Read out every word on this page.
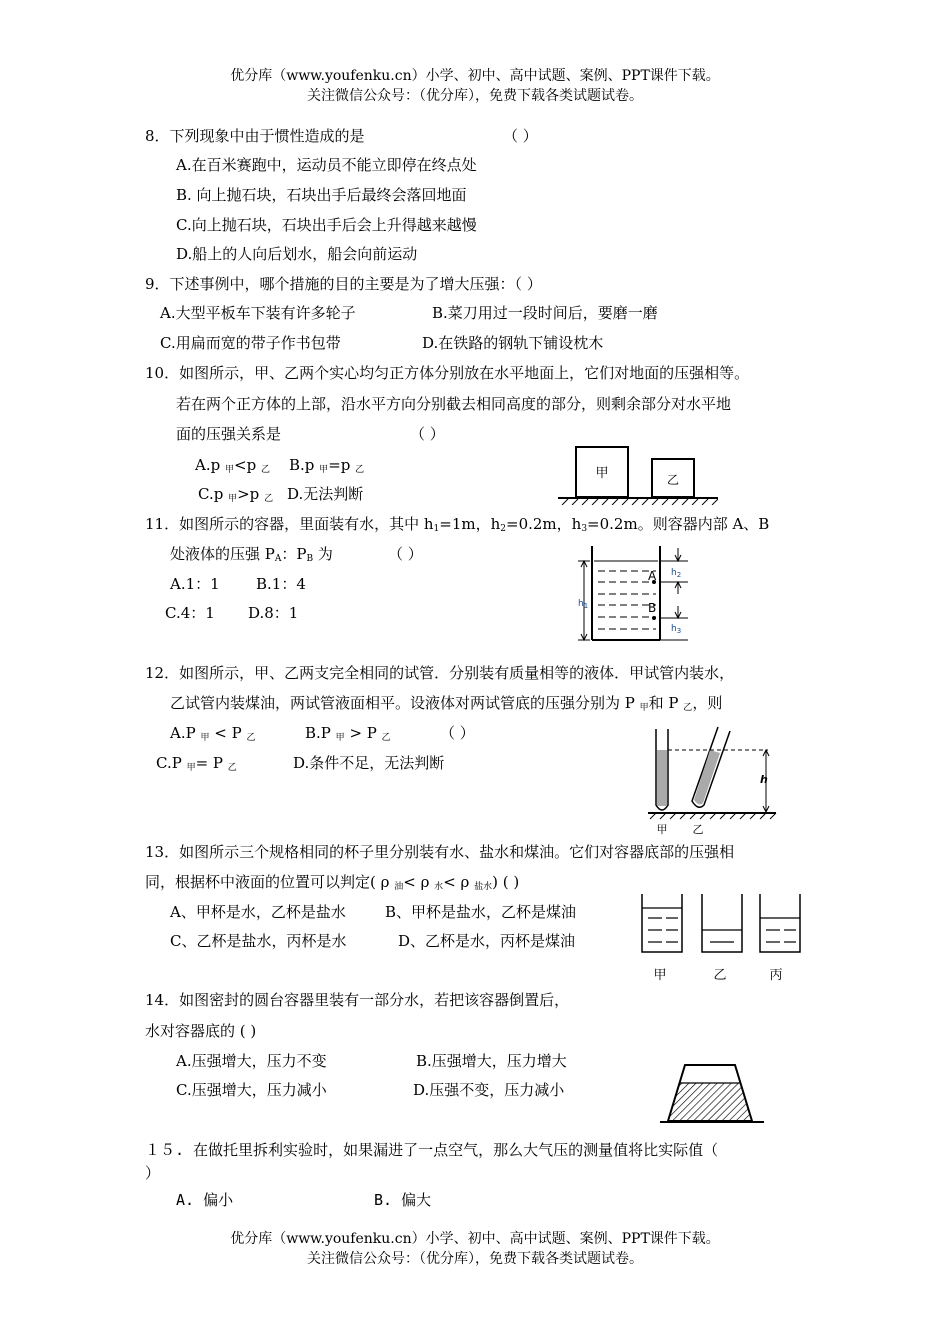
优分库（www.youfenku.cn）小学、初中、高中试题、案例、PPT课件下载。
关注微信公众号：（优分库），免费下载各类试题试卷。
8．下列现象中由于惯性造成的是	（ ）
A.在百米赛跑中，运动员不能立即停在终点处
B. 向上抛石块，石块出手后最终会落回地面
C.向上抛石块，石块出手后会上升得越来越慢
D.船上的人向后划水，船会向前运动
9．下述事例中，哪个措施的目的主要是为了增大压强：（ ）
A.大型平板车下装有许多轮子	B.菜刀用过一段时间后，要磨一磨
C.用扁而宽的带子作书包带	D.在铁路的钢轨下铺设枕木
10．如图所示，甲、乙两个实心均匀正方体分别放在水平地面上，它们对地面的压强相等。
若在两个正方体的上部，沿水平方向分别截去相同高度的部分，则剩余部分对水平地
面的压强关系是	（ ）
A.p $_甲$<p $_乙$ B.p $_甲$=p $_乙$
C.p $_甲$>p $_乙$ D.无法判断
甲	乙
11．如图所示的容器，里面装有水，其中 $h_1=1m$，$h_2=0.2m$，$h_3=0.2m$。则容器内部 A、B
处液体的压强 $P_A$：$P_B$ 为	（ ）
A.1：1 B.1：4
C.4：1 D.8：1	$h_1$
A
B
$h_2$
$h_3$
12．如图所示，甲、乙两支完全相同的试管．分别装有质量相等的液体．甲试管内装水，
乙试管内装煤油，两试管液面相平。设液体对两试管底的压强分别为 P $_甲$和 P $_乙$，则
A.P $_甲$ < P $_乙$	B.P $_甲$ > P $_乙$	（ ）
C.P $_甲$= P $_乙$	D.条件不足，无法判断
h
甲 乙
13．如图所示三个规格相同的杯子里分别装有水、盐水和煤油。它们对容器底部的压强相
同，根据杯中液面的位置可以判定( ρ $_油$< ρ $_水$< ρ $_{盐水}$) ( )
A、甲杯是水，乙杯是盐水	B、甲杯是盐水，乙杯是煤油
C、乙杯是盐水，丙杯是水	D、乙杯是水，丙杯是煤油
甲	乙	丙
14．如图密封的圆台容器里装有一部分水，若把该容器倒置后，
水对容器底的 ( )
A.压强增大，压力不变	B.压强增大，压力增大
C.压强增大，压力减小	D.压强不变，压力减小
１５. 在做托里拆利实验时，如果漏进了一点空气，那么大气压的测量值将比实际值（
）
A. 偏小	B. 偏大
优分库（www.youfenku.cn）小学、初中、高中试题、案例、PPT课件下载。
关注微信公众号：（优分库），免费下载各类试题试卷。
